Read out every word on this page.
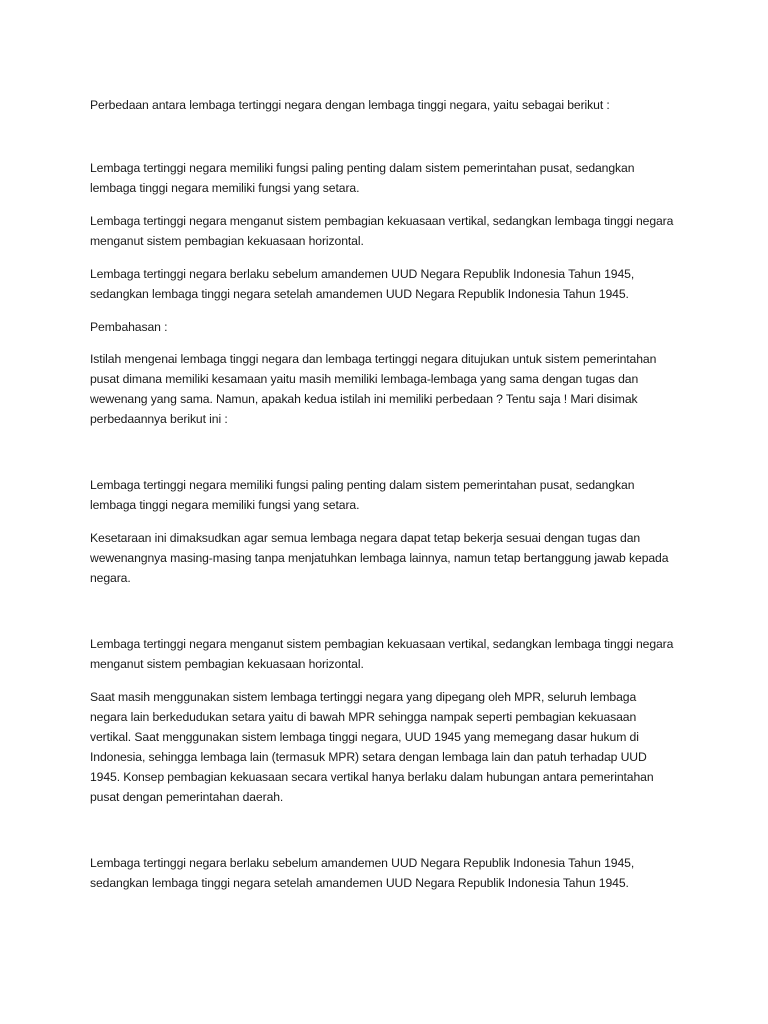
Perbedaan antara lembaga tertinggi negara dengan lembaga tinggi negara, yaitu sebagai berikut :

Lembaga tertinggi negara memiliki fungsi paling penting dalam sistem pemerintahan pusat, sedangkan lembaga tinggi negara memiliki fungsi yang setara.

Lembaga tertinggi negara menganut sistem pembagian kekuasaan vertikal, sedangkan lembaga tinggi negara menganut sistem pembagian kekuasaan horizontal.

Lembaga tertinggi negara berlaku sebelum amandemen UUD Negara Republik Indonesia Tahun 1945, sedangkan lembaga tinggi negara setelah amandemen UUD Negara Republik Indonesia Tahun 1945.

Pembahasan :

Istilah mengenai lembaga tinggi negara dan lembaga tertinggi negara ditujukan untuk sistem pemerintahan pusat dimana memiliki kesamaan yaitu masih memiliki lembaga-lembaga yang sama dengan tugas dan wewenang yang sama. Namun, apakah kedua istilah ini memiliki perbedaan ? Tentu saja ! Mari disimak perbedaannya berikut ini :

Lembaga tertinggi negara memiliki fungsi paling penting dalam sistem pemerintahan pusat, sedangkan lembaga tinggi negara memiliki fungsi yang setara.

Kesetaraan ini dimaksudkan agar semua lembaga negara dapat tetap bekerja sesuai dengan tugas dan wewenangnya masing-masing tanpa menjatuhkan lembaga lainnya, namun tetap bertanggung jawab kepada negara.

Lembaga tertinggi negara menganut sistem pembagian kekuasaan vertikal, sedangkan lembaga tinggi negara menganut sistem pembagian kekuasaan horizontal.

Saat masih menggunakan sistem lembaga tertinggi negara yang dipegang oleh MPR, seluruh lembaga negara lain berkedudukan setara yaitu di bawah MPR sehingga nampak seperti pembagian kekuasaan vertikal. Saat menggunakan sistem lembaga tinggi negara, UUD 1945 yang memegang dasar hukum di Indonesia, sehingga lembaga lain (termasuk MPR) setara dengan lembaga lain dan patuh terhadap UUD 1945. Konsep pembagian kekuasaan secara vertikal hanya berlaku dalam hubungan antara pemerintahan pusat dengan pemerintahan daerah.

Lembaga tertinggi negara berlaku sebelum amandemen UUD Negara Republik Indonesia Tahun 1945, sedangkan lembaga tinggi negara setelah amandemen UUD Negara Republik Indonesia Tahun 1945.
